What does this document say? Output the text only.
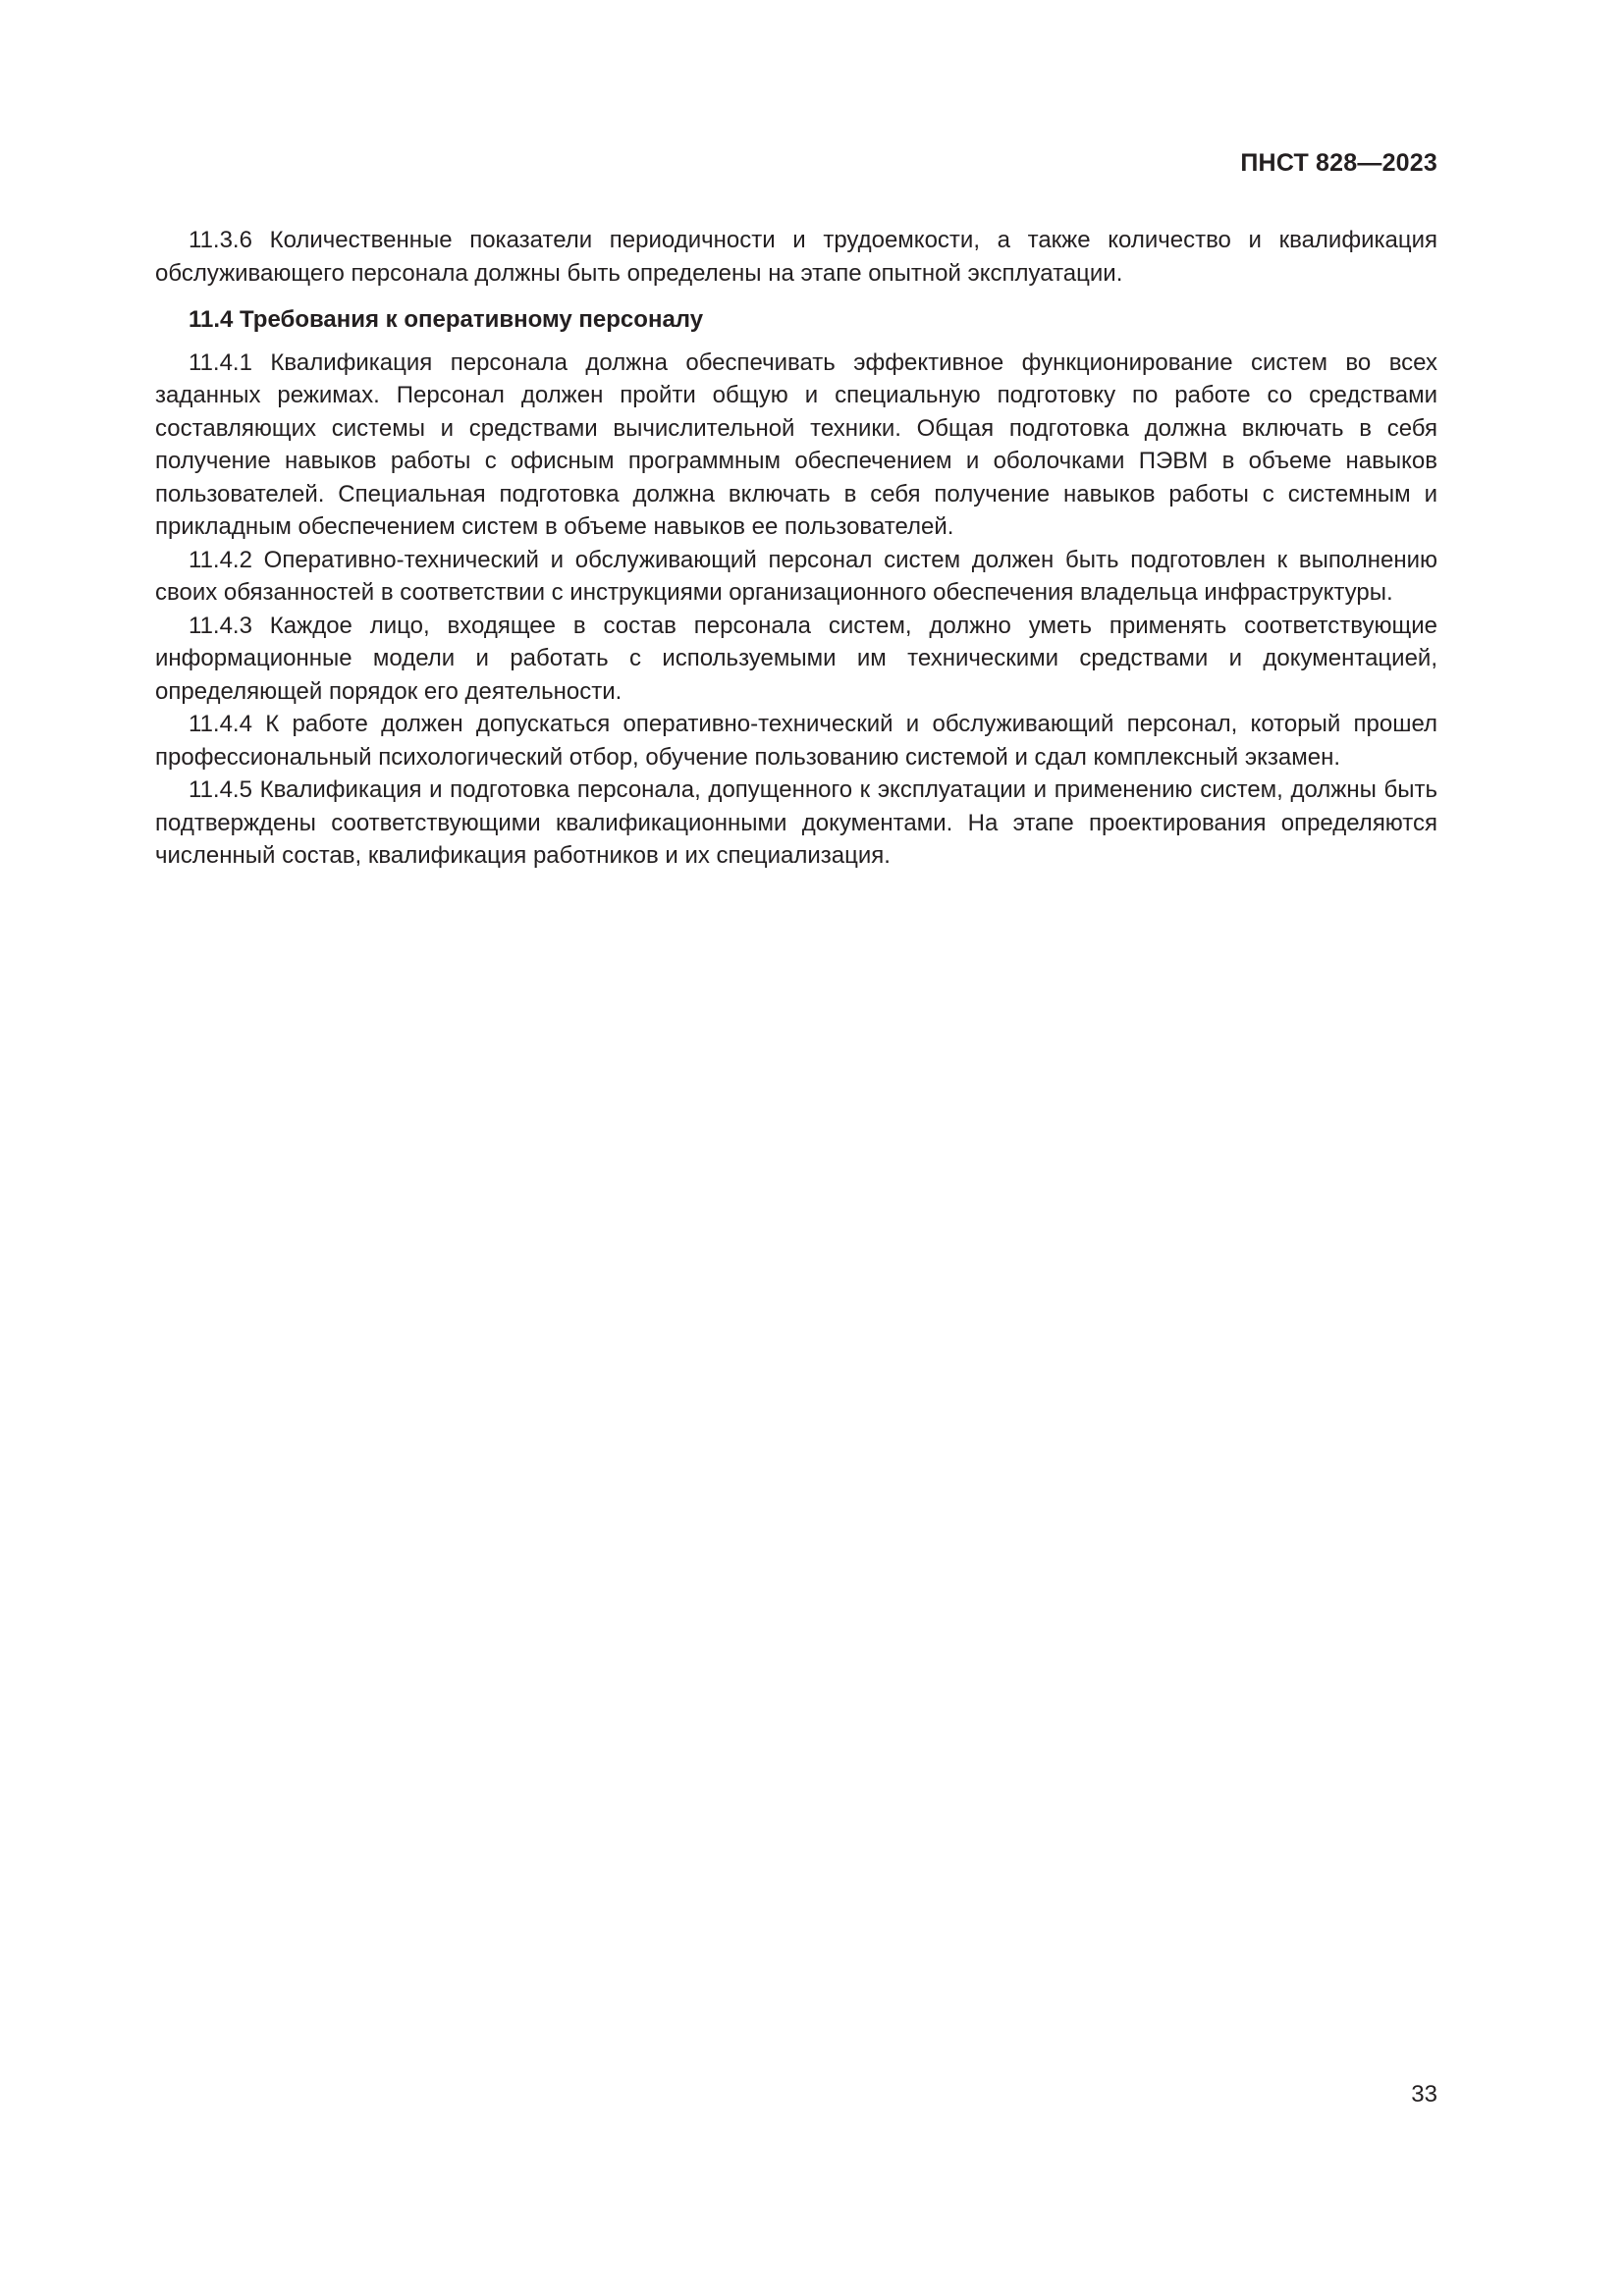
ПНСТ 828—2023

11.3.6 Количественные показатели периодичности и трудоемкости, а также количество и квалификация обслуживающего персонала должны быть определены на этапе опытной эксплуатации.

11.4 Требования к оперативному персоналу

11.4.1 Квалификация персонала должна обеспечивать эффективное функционирование систем во всех заданных режимах. Персонал должен пройти общую и специальную подготовку по работе со средствами составляющих системы и средствами вычислительной техники. Общая подготовка должна включать в себя получение навыков работы с офисным программным обеспечением и оболочками ПЭВМ в объеме навыков пользователей. Специальная подготовка должна включать в себя получение навыков работы с системным и прикладным обеспечением систем в объеме навыков ее пользователей.

11.4.2 Оперативно-технический и обслуживающий персонал систем должен быть подготовлен к выполнению своих обязанностей в соответствии с инструкциями организационного обеспечения владельца инфраструктуры.

11.4.3 Каждое лицо, входящее в состав персонала систем, должно уметь применять соответствующие информационные модели и работать с используемыми им техническими средствами и документацией, определяющей порядок его деятельности.

11.4.4 К работе должен допускаться оперативно-технический и обслуживающий персонал, который прошел профессиональный психологический отбор, обучение пользованию системой и сдал комплексный экзамен.

11.4.5 Квалификация и подготовка персонала, допущенного к эксплуатации и применению систем, должны быть подтверждены соответствующими квалификационными документами. На этапе проектирования определяются численный состав, квалификация работников и их специализация.

33
